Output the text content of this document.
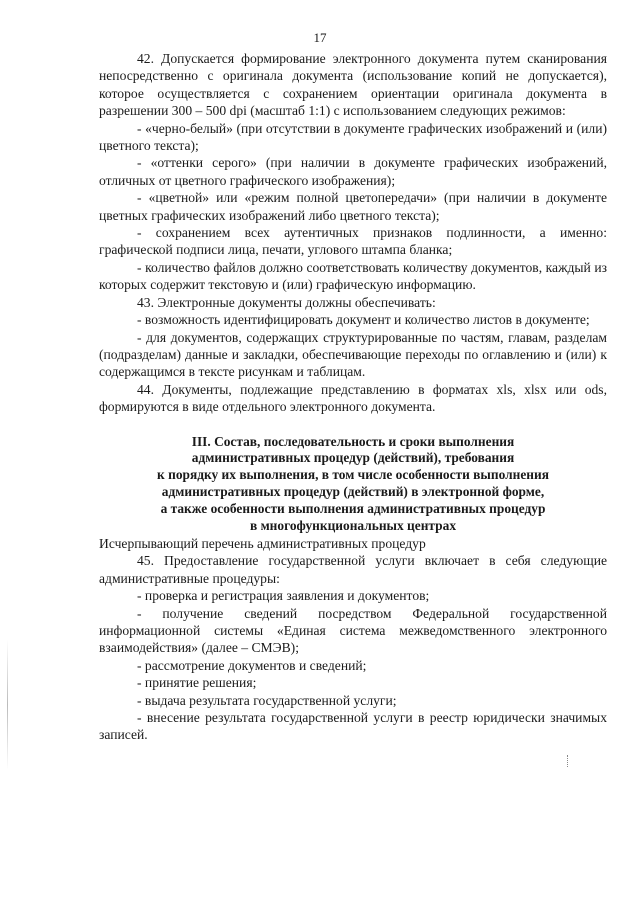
17

42. Допускается формирование электронного документа путем сканирования непосредственно с оригинала документа (использование копий не допускается), которое осуществляется с сохранением ориентации оригинала документа в разрешении 300 – 500 dpi (масштаб 1:1) с использованием следующих режимов:

- «черно-белый» (при отсутствии в документе графических изображений и (или) цветного текста);

- «оттенки серого» (при наличии в документе графических изображений, отличных от цветного графического изображения);

- «цветной» или «режим полной цветопередачи» (при наличии в документе цветных графических изображений либо цветного текста);

- сохранением всех аутентичных признаков подлинности, а именно: графической подписи лица, печати, углового штампа бланка;

- количество файлов должно соответствовать количеству документов, каждый из которых содержит текстовую и (или) графическую информацию.

43. Электронные документы должны обеспечивать:

- возможность идентифицировать документ и количество листов в документе;

- для документов, содержащих структурированные по частям, главам, разделам (подразделам) данные и закладки, обеспечивающие переходы по оглавлению и (или) к содержащимся в тексте рисункам и таблицам.

44. Документы, подлежащие представлению в форматах xls, xlsx или ods, формируются в виде отдельного электронного документа.

III. Состав, последовательность и сроки выполнения
административных процедур (действий), требования
к порядку их выполнения, в том числе особенности выполнения
административных процедур (действий) в электронной форме,
а также особенности выполнения административных процедур
в многофункциональных центрах

Исчерпывающий перечень административных процедур

45. Предоставление государственной услуги включает в себя следующие административные процедуры:

- проверка и регистрация заявления и документов;

- получение сведений посредством Федеральной государственной информационной системы «Единая система межведомственного электронного взаимодействия» (далее – СМЭВ);

- рассмотрение документов и сведений;

- принятие решения;

- выдача результата государственной услуги;

- внесение результата государственной услуги в реестр юридически значимых записей.
